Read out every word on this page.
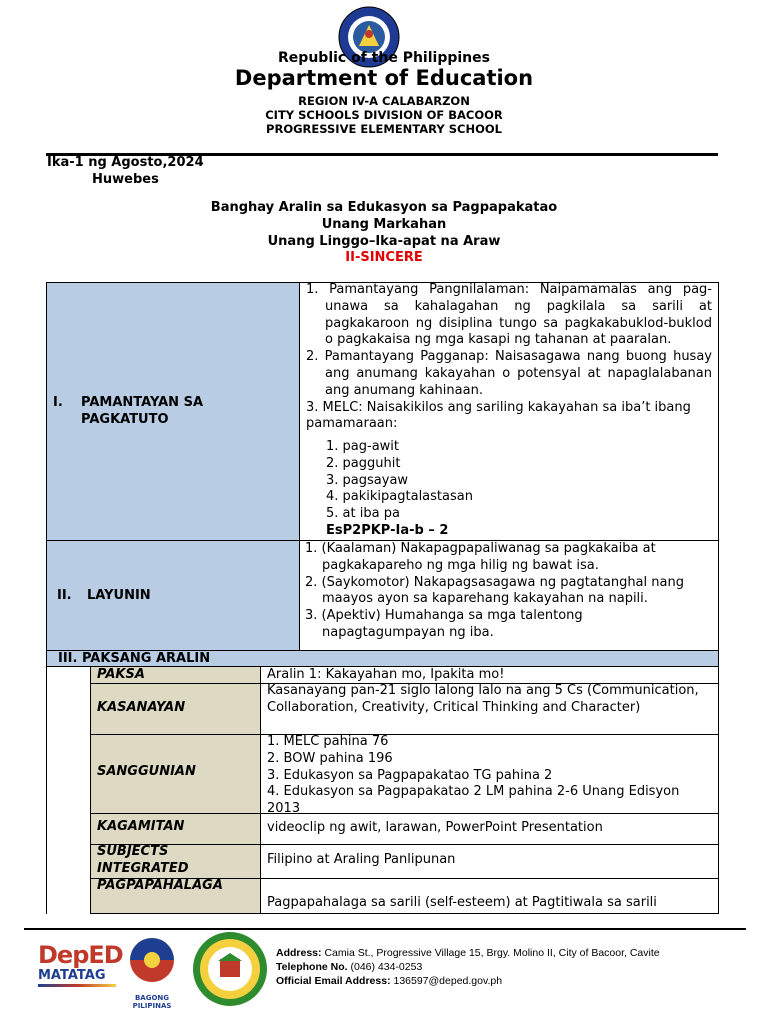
Republic of the Philippines
Department of Education
REGION IV-A CALABARZON
CITY SCHOOLS DIVISION OF BACOOR
PROGRESSIVE ELEMENTARY SCHOOL
Ika-1 ng Agosto,2024
Huwebes
Banghay Aralin sa Edukasyon sa Pagpapakatao
Unang Markahan
Unang Linggo–Ika-apat na Araw
II-SINCERE
I. PAMANTAYAN SA PAGKATUTO
1. Pamantayang Pangnilalaman: Naipamamalas ang pag-unawa sa kahalagahan ng pagkilala sa sarili at pagkakaroon ng disiplina tungo sa pagkakabuklod-buklod o pagkakaisa ng mga kasapi ng tahanan at paaralan.
2. Pamantayang Pagganap: Naisasagawa nang buong husay ang anumang kakayahan o potensyal at napaglalabanan ang anumang kahinaan.
3. MELC: Naisakikilos ang sariling kakayahan sa iba’t ibang pamamaraan:
1. pag-awit
2. pagguhit
3. pagsayaw
4. pakikipagtalastasan
5. at iba pa
EsP2PKP-Ia-b – 2
II. LAYUNIN
1. (Kaalaman) Nakapagpapaliwanag sa pagkakaiba at pagkakapareho ng mga hilig ng bawat isa.
2. (Saykomotor) Nakapagsasagawa ng pagtatanghal nang maayos ayon sa kaparehang kakayahan na napili.
3. (Apektiv) Humahanga sa mga talentong napagtagumpayan ng iba.
III. PAKSANG ARALIN
PAKSA	Aralin 1: Kakayahan mo, Ipakita mo!
KASANAYAN
Kasanayang pan-21 siglo lalong lalo na ang 5 Cs (Communication, Collaboration, Creativity, Critical Thinking and Character)
SANGGUNIAN
1. MELC pahina 76
2. BOW pahina 196
3. Edukasyon sa Pagpapakatao TG pahina 2
4. Edukasyon sa Pagpapakatao 2 LM pahina 2-6 Unang Edisyon 2013
KAGAMITAN	videoclip ng awit, larawan, PowerPoint Presentation
SUBJECTS INTEGRATED
Filipino at Araling Panlipunan
PAGPAPAHALAGA
Pagpapahalaga sa sarili (self-esteem) at Pagtitiwala sa sarili
DepED
MATATAG
BAGONG PILIPINAS
Address: Camia St., Progressive Village 15, Brgy. Molino II, City of Bacoor, Cavite
Telephone No. (046) 434-0253
Official Email Address: 136597@deped.gov.ph
